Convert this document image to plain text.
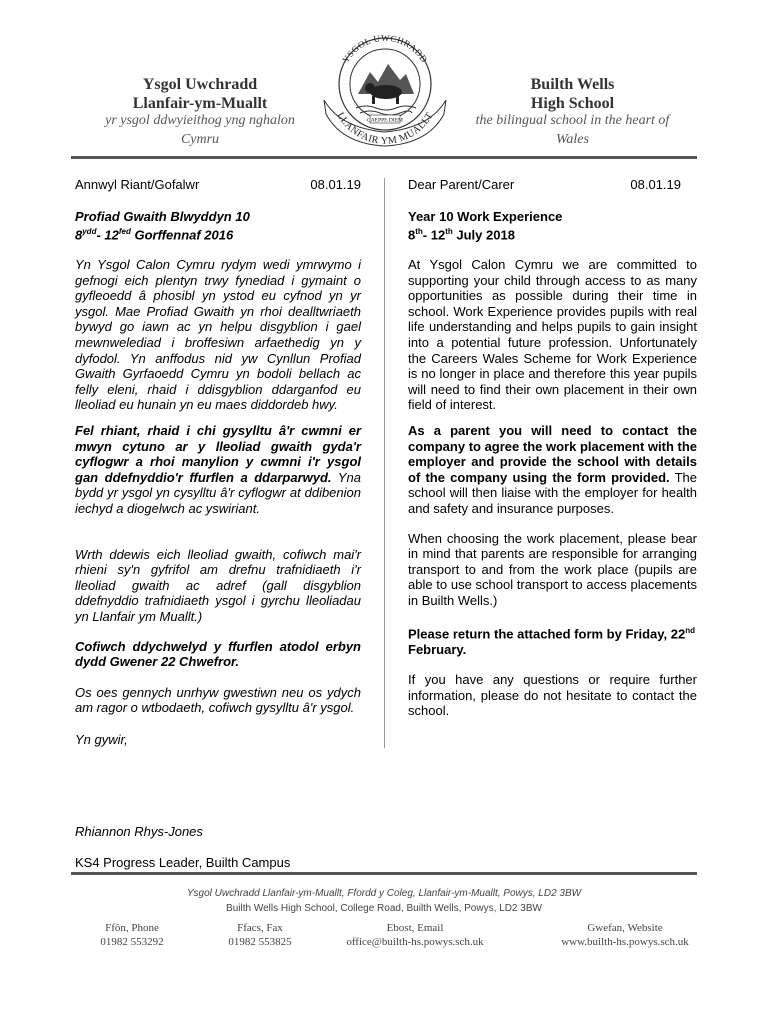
Ysgol Uwchradd
Llanfair-ym-Muallt
yr ysgol ddwyieithog yng nghalon
Cymru
Builth Wells
High School
the bilingual school in the heart of
Wales
YSGOL UWCHRADD
LLANFAIR YM MUALLT
CAEPPE DIEM
Annwyl Riant/Gofalwr	08.01.19
Profiad Gwaith Blwyddyn 10
$8^{ydd}-$ $12^{fed}$ Gorffennaf 2016

Yn Ysgol Calon Cymru rydym wedi ymrwymo i gefnogi eich plentyn trwy fynediad i gymaint o gyfleoedd â phosibl yn ystod eu cyfnod yn yr ysgol. Mae Profiad Gwaith yn rhoi dealltwriaeth bywyd go iawn ac yn helpu disgyblion i gael mewnwelediad i broffesiwn arfaethedig yn y dyfodol. Yn anffodus nid yw Cynllun Profiad Gwaith Gyrfaoedd Cymru yn bodoli bellach ac felly eleni, rhaid i ddisgyblion ddarganfod eu lleoliad eu hunain yn eu maes diddordeb hwy.

Fel rhiant, rhaid i chi gysylltu â'r cwmni er mwyn cytuno ar y lleoliad gwaith gyda'r cyflogwr a rhoi manylion y cwmni i'r ysgol gan ddefnyddio'r ffurflen a ddarparwyd. Yna bydd yr ysgol yn cysylltu â'r cyflogwr at ddibenion iechyd a diogelwch ac yswiriant.

Wrth ddewis eich lleoliad gwaith, cofiwch mai'r rhieni sy'n gyfrifol am drefnu trafnidiaeth i'r lleoliad gwaith ac adref (gall disgyblion ddefnyddio trafnidiaeth ysgol i gyrchu lleoliadau yn Llanfair ym Muallt.)

Cofiwch ddychwelyd y ffurflen atodol erbyn dydd Gwener 22 Chwefror.

Os oes gennych unrhyw gwestiwn neu os ydych am ragor o wtbodaeth, cofiwch gysylltu â'r ysgol.

Yn gywir,

Dear Parent/Carer	08.01.19
Year 10 Work Experience
8th- 12th July 2018

At Ysgol Calon Cymru we are committed to supporting your child through access to as many opportunities as possible during their time in school. Work Experience provides pupils with real life understanding and helps pupils to gain insight into a potential future profession. Unfortunately the Careers Wales Scheme for Work Experience is no longer in place and therefore this year pupils will need to find their own placement in their own field of interest.

As a parent you will need to contact the company to agree the work placement with the employer and provide the school with details of the company using the form provided. The school will then liaise with the employer for health and safety and insurance purposes.

When choosing the work placement, please bear in mind that parents are responsible for arranging transport to and from the work place (pupils are able to use school transport to access placements in Builth Wells.)

Please return the attached form by Friday, 22nd February.

If you have any questions or require further information, please do not hesitate to contact the school.

Rhiannon Rhys-Jones
KS4 Progress Leader, Builth Campus
Ysgol Uwchradd Llanfair-ym-Muallt, Ffordd y Coleg, Llanfair-ym-Muallt, Powys, LD2 3BW
Builth Wells High School, College Road, Builth Wells, Powys, LD2 3BW
Ffôn, Phone
01982 553292
Ffacs, Fax
01982 553825
Ebost, Email
office@builth-hs.powys.sch.uk
Gwefan, Website
www.builth-hs.powys.sch.uk
